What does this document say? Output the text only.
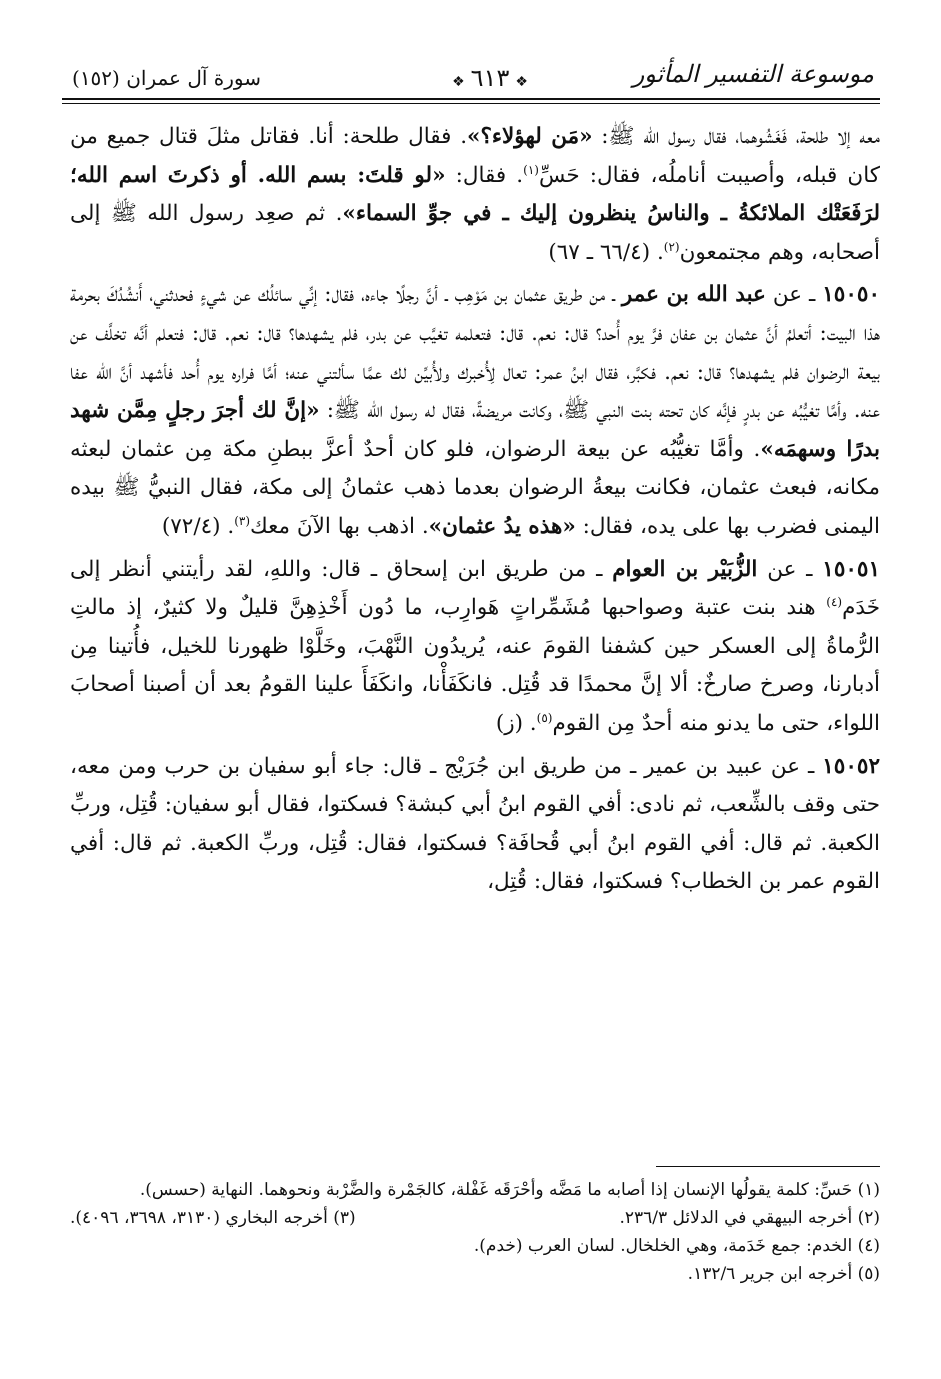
موسوعة التفسير المأثور
❖٦١٣❖
سورة آل عمران (١٥٢)

معه إلا طلحة، فَغَشُوهما، فقال رسول الله ﷺ: «مَن لهؤلاء؟». فقال طلحة: أنا. فقاتل مثلَ قتال جميع من كان قبله، وأصيبت أناملُه، فقال: حَسِّ$^{(١)}$. فقال: «لو قلتَ: بسم الله. أو ذكرتَ اسم الله؛ لرَفَعَتْك الملائكةُ ـ والناسُ ينظرون إليك ـ في جوِّ السماء». ثم صعِد رسول الله ﷺ إلى أصحابه، وهم مجتمعون$^{(٢)}$. (٦٦/٤ ـ ٦٧)

١٥٠٥٠ ـ عن عبد الله بن عمر ـ من طريق عثمان بن مَوْهِب ـ أنَّ رجلًا جاءه، فقال: إنِّي سائلُك عن شيءٍ فحدثني، أَنشُدُكَ بحرمة هذا البيت: أتعلمُ أنَّ عثمان بن عفان فرَّ يوم أُحد؟ قال: نعم. قال: فتعلمه تغيَّب عن بدر، فلم يشهدها؟ قال: نعم. قال: فتعلم أنَّه تخلَّف عن بيعة الرضوان فلم يشهدها؟ قال: نعم. فكبَّر، فقال ابنُ عمر: تعال لِأُخبرك ولأُبيِّن لك عمَّا سألتني عنه؛ أمَّا فراره يوم أُحد فأشهد أنَّ الله عفا عنه. وأمَّا تغيُّبُه عن بدرٍ فإنَّه كان تحته بنت النبي ﷺ، وكانت مريضةً، فقال له رسول الله ﷺ: «إنَّ لك أجرَ رجلٍ مِمَّن شهد بدرًا وسهمَه». وأمَّا تغيُّبُه عن بيعة الرضوان، فلو كان أحدٌ أعزَّ ببطنِ مكة مِن عثمان لبعثه مكانه، فبعث عثمان، فكانت بيعةُ الرضوان بعدما ذهب عثمانُ إلى مكة، فقال النبيُّ ﷺ بيده اليمنى فضرب بها على يده، فقال: «هذه يدُ عثمان». اذهب بها الآنَ معك$^{(٣)}$. (٧٢/٤)

١٥٠٥١ ـ عن الزُّبَيْر بن العوام ـ من طريق ابن إسحاق ـ قال: واللهِ، لقد رأيتني أنظر إلى خَدَم$^{(٤)}$ هند بنت عتبة وصواحبها مُشَمِّراتٍ هَوارِب، ما دُون أَخْذِهِنَّ قليلٌ ولا كثيرٌ، إذ مالتِ الرُّماةُ إلى العسكر حين كشفنا القومَ عنه، يُريدُون النَّهْبَ، وخَلَّوْا ظهورنا للخيل، فأُتينا مِن أدبارنا، وصرخ صارخٌ: ألا إنَّ محمدًا قد قُتِل. فانكَفَأْنا، وانكَفَأَ علينا القومُ بعد أن أصبنا أصحابَ اللواء، حتى ما يدنو منه أحدٌ مِن القوم$^{(٥)}$. (ز)

١٥٠٥٢ ـ عن عبيد بن عمير ـ من طريق ابن جُرَيْج ـ قال: جاء أبو سفيان بن حرب ومن معه، حتى وقف بالشِّعب، ثم نادى: أفي القوم ابنُ أبي كبشة؟ فسكتوا، فقال أبو سفيان: قُتِل، وربِّ الكعبة. ثم قال: أفي القوم ابنُ أبي قُحافَة؟ فسكتوا، فقال: قُتِل، وربِّ الكعبة. ثم قال: أفي القوم عمر بن الخطاب؟ فسكتوا، فقال: قُتِل،

(١) حَسِّ: كلمة يقولُها الإنسان إذا أصابه ما مَضَّه وأحْرَقَه غَفْلة، كالجَمْرة والضَّرْبة ونحوهما. النهاية (حسس).

(٢) أخرجه البيهقي في الدلائل ٢٣٦/٣.
(٣) أخرجه البخاري (٣١٣٠، ٣٦٩٨، ٤٠٩٦).

(٤) الخدم: جمع خَدَمة، وهي الخلخال. لسان العرب (خدم).

(٥) أخرجه ابن جرير ١٣٢/٦.
